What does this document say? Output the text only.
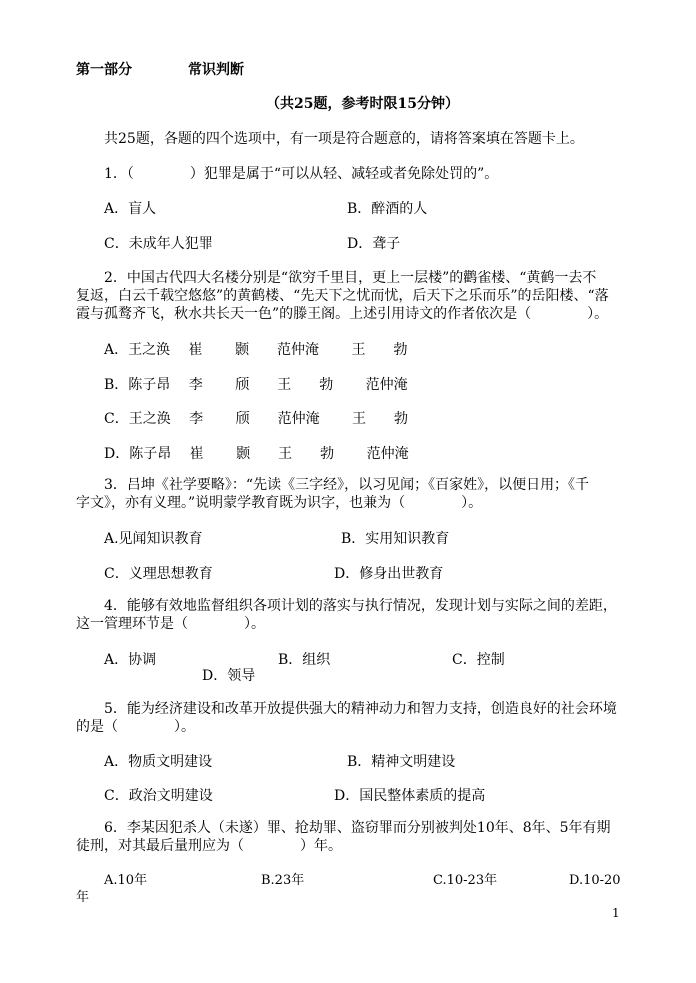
第一部分	常识判断
（共25题，参考时限15分钟）
共25题，各题的四个选项中，有一项是符合题意的，请将答案填在答题卡上。
1．（　　　　）犯罪是属于“可以从轻、减轻或者免除处罚的”。
A．盲人	B．醉酒的人
C．未成年人犯罪	D．聋子
2．中国古代四大名楼分别是“欲穷千里目，更上一层楼”的鹳雀楼、“黄鹤一去不
复返，白云千载空悠悠”的黄鹤楼、“先天下之忧而忧，后天下之乐而乐”的岳阳楼、“落
霞与孤鹜齐飞，秋水共长天一色”的滕王阁。上述引用诗文的作者依次是（　　　　）。
A．王之涣　 崔　　 颢　　范仲淹　　 王　　勃
B．陈子昂　 李　　 颀　　王　　勃　　 范仲淹
C．王之涣　 李　　 颀　　范仲淹　　 王　　勃
D．陈子昂　 崔　　 颢　　王　　勃　　 范仲淹
3．吕坤《社学要略》：“先读《三字经》，以习见闻；《百家姓》，以便日用；《千
字文》，亦有义理。”说明蒙学教育既为识字，也兼为（　　　　）。
A.见闻知识教育	B．实用知识教育
C．义理思想教育	D．修身出世教育
4．能够有效地监督组织各项计划的落实与执行情况，发现计划与实际之间的差距，
这一管理环节是（　　　　）。
A．协调	B．组织	C．控制
D．领导
5．能为经济建设和改革开放提供强大的精神动力和智力支持，创造良好的社会环境
的是（　　　　）。
A．物质文明建设	B．精神文明建设
C．政治文明建设	D．国民整体素质的提高
6．李某因犯杀人（未遂）罪、抢劫罪、盗窃罪而分别被判处10年、8年、5年有期
徒刑，对其最后量刑应为（　　　　）年。
A.10年	B.23年	C.10-23年	D.10-20
年
1
